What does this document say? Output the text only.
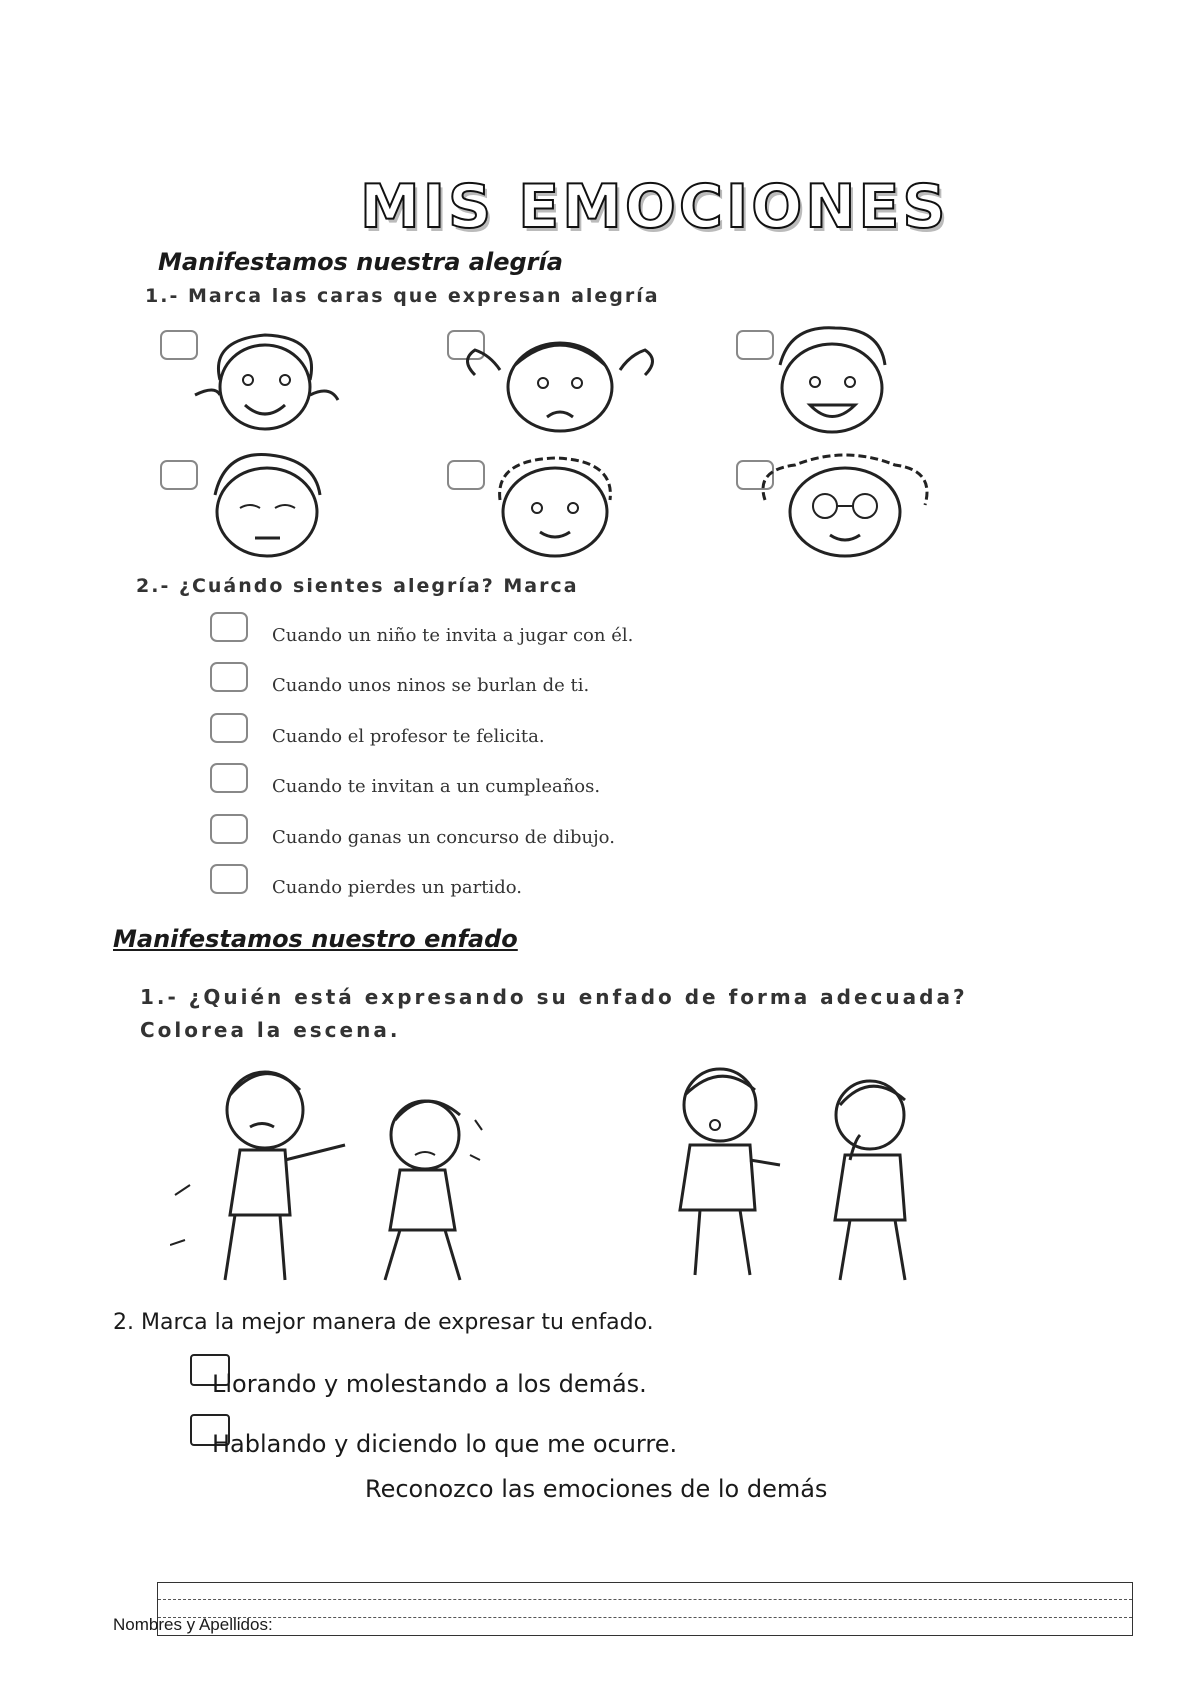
MIS EMOCIONES
Manifestamos nuestra alegría
1.- Marca las caras que expresan alegría
2.- ¿Cuándo sientes alegría? Marca
Cuando un niño te invita a jugar con él.
Cuando unos ninos se burlan de ti.
Cuando el profesor te felicita.
Cuando te invitan a un cumpleaños.
Cuando ganas un concurso de dibujo.
Cuando pierdes un partido.
Manifestamos nuestro enfado
1.- ¿Quién está expresando su enfado de forma adecuada?
Colorea la escena.
2. Marca la mejor manera de expresar tu enfado.
Llorando y molestando a los demás.
Hablando y diciendo lo que me ocurre.
Reconozco las emociones de lo demás
Nombres y Apellidos:
